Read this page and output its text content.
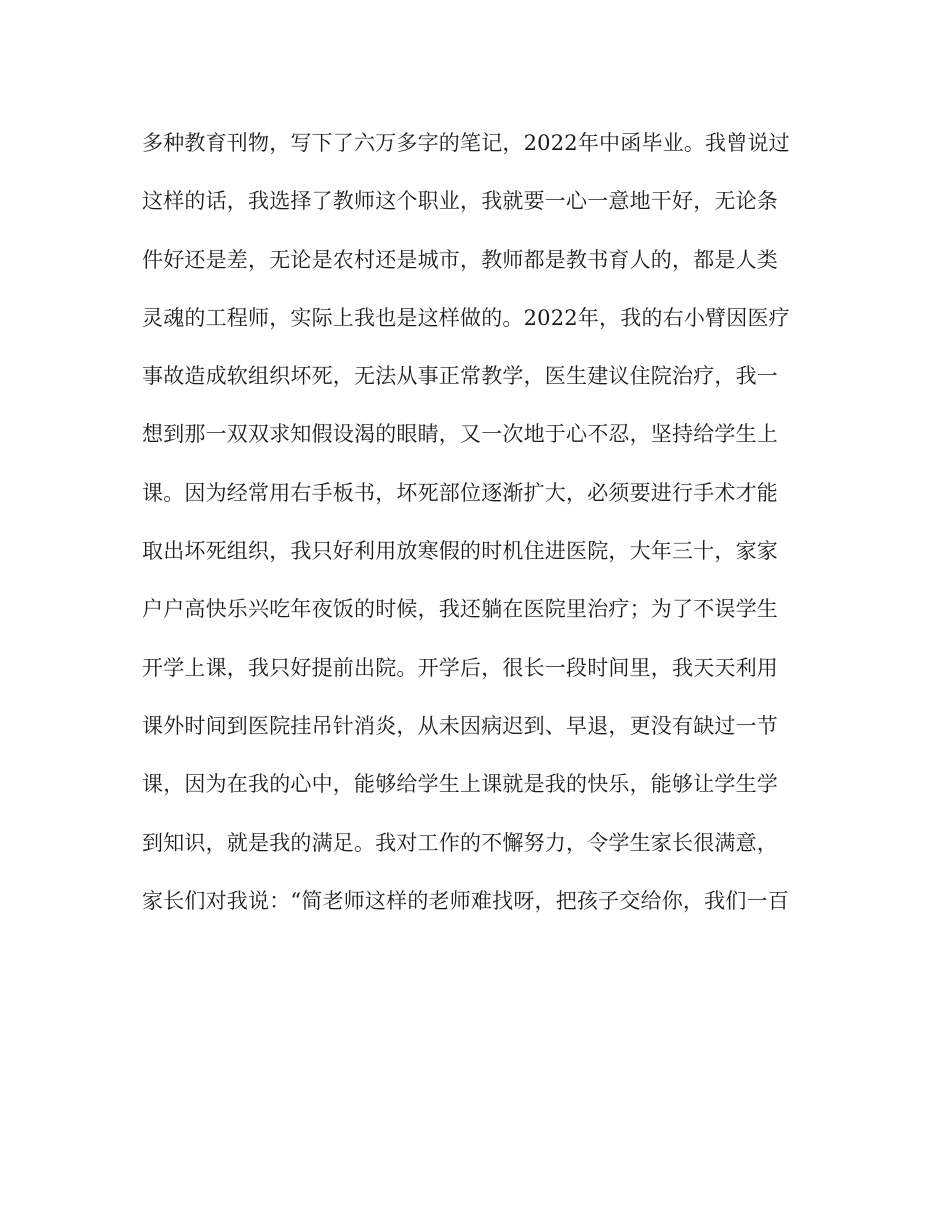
多种教育刊物，写下了六万多字的笔记，2022年中函毕业。我曾说过
这样的话，我选择了教师这个职业，我就要一心一意地干好，无论条
件好还是差，无论是农村还是城市，教师都是教书育人的，都是人类
灵魂的工程师，实际上我也是这样做的。2022年，我的右小臂因医疗
事故造成软组织坏死，无法从事正常教学，医生建议住院治疗，我一
想到那一双双求知假设渴的眼睛，又一次地于心不忍，坚持给学生上
课。因为经常用右手板书，坏死部位逐渐扩大，必须要进行手术才能
取出坏死组织，我只好利用放寒假的时机住进医院，大年三十，家家
户户高快乐兴吃年夜饭的时候，我还躺在医院里治疗；为了不误学生
开学上课，我只好提前出院。开学后，很长一段时间里，我天天利用
课外时间到医院挂吊针消炎，从未因病迟到、早退，更没有缺过一节
课，因为在我的心中，能够给学生上课就是我的快乐，能够让学生学
到知识，就是我的满足。我对工作的不懈努力，令学生家长很满意，
家长们对我说：“简老师这样的老师难找呀，把孩子交给你，我们一百
